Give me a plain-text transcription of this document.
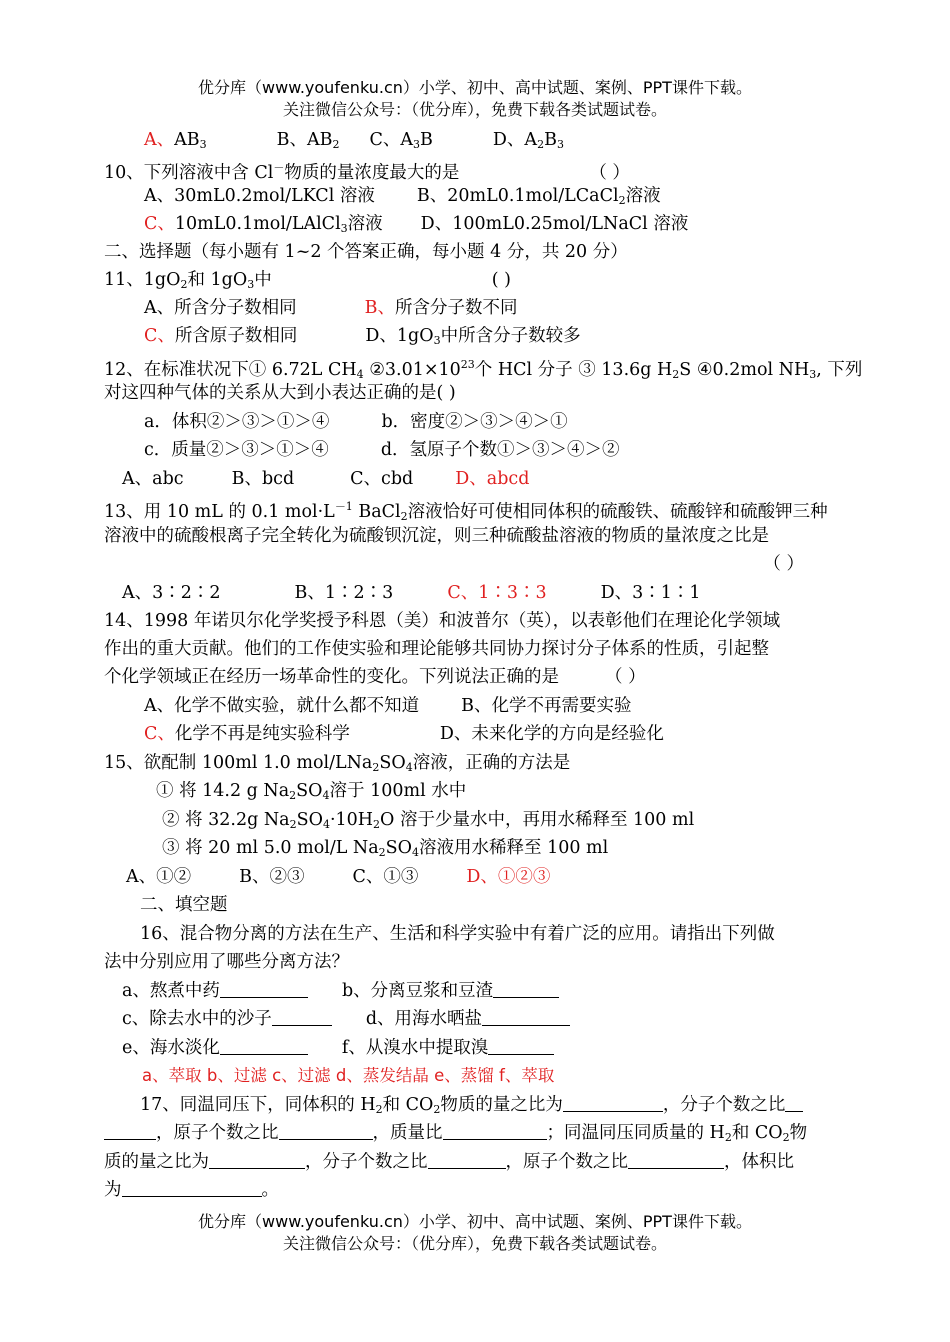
优分库（www.youfenku.cn）小学、初中、高中试题、案例、PPT课件下载。
关注微信公众号：（优分库），免费下载各类试题试卷。
A、$AB_3$	B、$AB_2$ C、$A_3B$	D、$A_2B_3$
10、下列溶液中含 Cl－物质的量浓度最大的是	（ ）
A、30mL0.2mol/LKCl 溶液 B、20mL0.1mol/LCaCl$_2$溶液
C、10mL0.1mol/LAlCl$_3$溶液 D、100mL0.25mol/LNaCl 溶液
二、选择题（每小题有 1~2 个答案正确，每小题 4 分，共 20 分）
11、$1gO_2$和 $1gO_3$中	( )
A、所含分子数相同	B、所含分子数不同
C、所含原子数相同	D、$1gO_3$中所含分子数较多
12、在标准状况下① 6.72L $CH_4$ $②3.01\times 10^{23}$个 HCl 分子 ③ 13.6g $H_2S$ ④0.2mol $NH_3$, 下列
对这四种气体的关系从大到小表达正确的是( )
a．体积②＞③＞①＞④	b．密度②＞③＞④＞①
c．质量②＞③＞①＞④	d．氢原子个数①＞③＞④＞②
A、abc	B、bcd	C、cbd D、abcd
13、用 10 mL 的 0.1 $mol\cdot L^{-1}$ BaCl$_2$溶液恰好可使相同体积的硫酸铁、硫酸锌和硫酸钾三种
溶液中的硫酸根离子完全转化为硫酸钡沉淀，则三种硫酸盐溶液的物质的量浓度之比是
（ ）
A、3∶2∶2	B、1∶2∶3	C、1∶3∶3	D、3∶1∶1
14、1998 年诺贝尔化学奖授予科恩（美）和波普尔（英），以表彰他们在理论化学领域
作出的重大贡献。他们的工作使实验和理论能够共同协力探讨分子体系的性质，引起整
个化学领域正在经历一场革命性的变化。下列说法正确的是	（ ）
A、化学不做实验，就什么都不知道 B、化学不再需要实验
C、化学不再是纯实验科学	D、未来化学的方向是经验化
15、欲配制 100ml 1.0 mol/$LNa_2SO_4$溶液，正确的方法是
① 将 14.2 g $Na_2SO_4$溶于 100ml 水中
② 将 32.2g $Na_2SO_4\cdot 10H_2O$ 溶于少量水中，再用水稀释至 100 ml
③ 将 20 ml 5.0 mol/L $Na_2SO_4$溶液用水稀释至 100 ml
A、①②	B、②③	C、①③	D、①②③
二、填空题
16、混合物分离的方法在生产、生活和科学实验中有着广泛的应用。请指出下列做
法中分别应用了哪些分离方法？
a、熬煮中药	b、分离豆浆和豆渣
c、除去水中的沙子	d、用海水晒盐
e、海水淡化	f、从溴水中提取溴
a、萃取 b、过滤 c、过滤 d、蒸发结晶 e、蒸馏 f、萃取
17、同温同压下，同体积的 $H_2$和 $CO_2$物质的量之比为	，分子个数之比
，原子个数之比	，质量比	；同温同压同质量的 $H_2$和 $CO_2$物
质的量之比为	，分子个数之比	，原子个数之比	，体积比
为	。
优分库（www.youfenku.cn）小学、初中、高中试题、案例、PPT课件下载。
关注微信公众号：（优分库），免费下载各类试题试卷。
